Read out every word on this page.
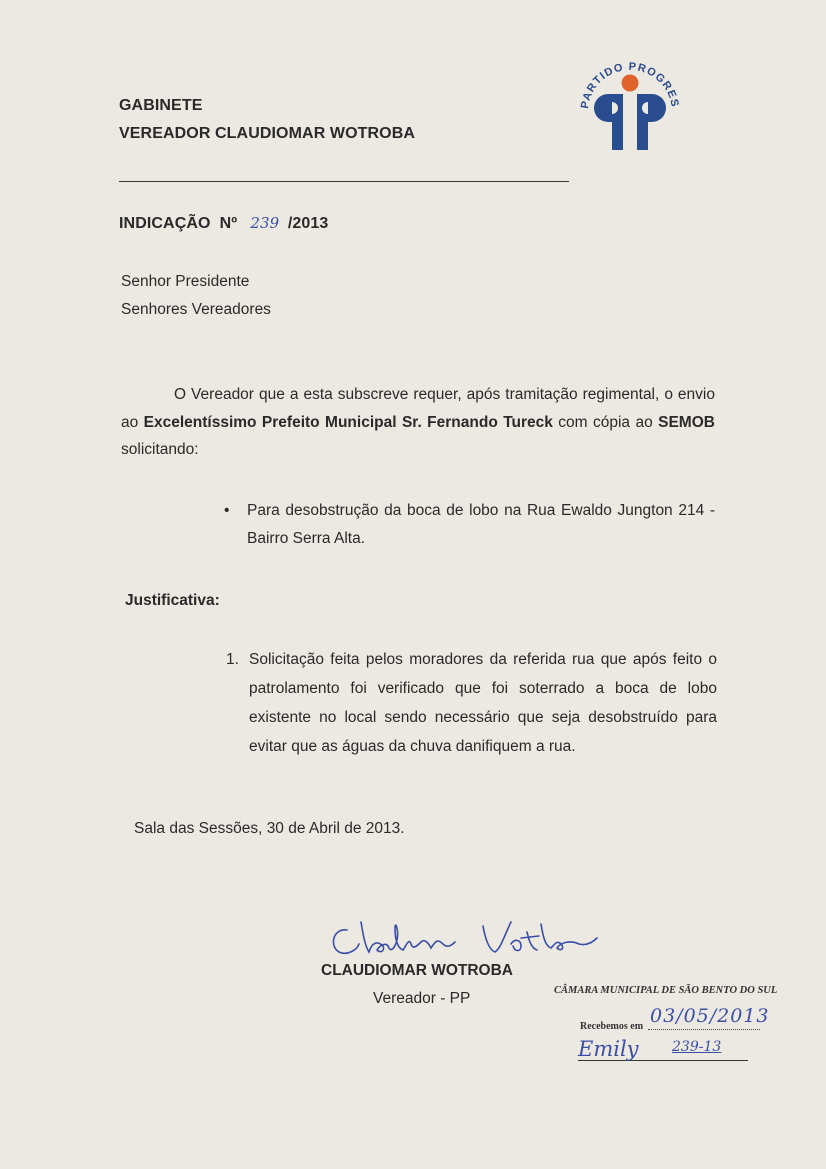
GABINETE
VEREADOR CLAUDIOMAR WOTROBA
PARTIDO PROGRES
INDICAÇÃO  Nº 239 /2013
Senhor Presidente
Senhores Vereadores
O Vereador que a esta subscreve requer, após tramitação regimental, o envio ao Excelentíssimo Prefeito Municipal Sr. Fernando Tureck com cópia ao SEMOB solicitando:
• Para desobstrução da boca de lobo na Rua Ewaldo Jungton 214 - Bairro Serra Alta.
Justificativa:
1. Solicitação feita pelos moradores da referida rua que após feito o patrolamento foi verificado que foi soterrado a boca de lobo existente no local sendo necessário que seja desobstruído para evitar que as águas da chuva danifiquem a rua.
Sala das Sessões, 30 de Abril de 2013.
CLAUDIOMAR WOTROBA
Vereador - PP	CÂMARA MUNICIPAL DE SÃO BENTO DO SUL
Recebemos em 03/05/2013
Emily 239-13
